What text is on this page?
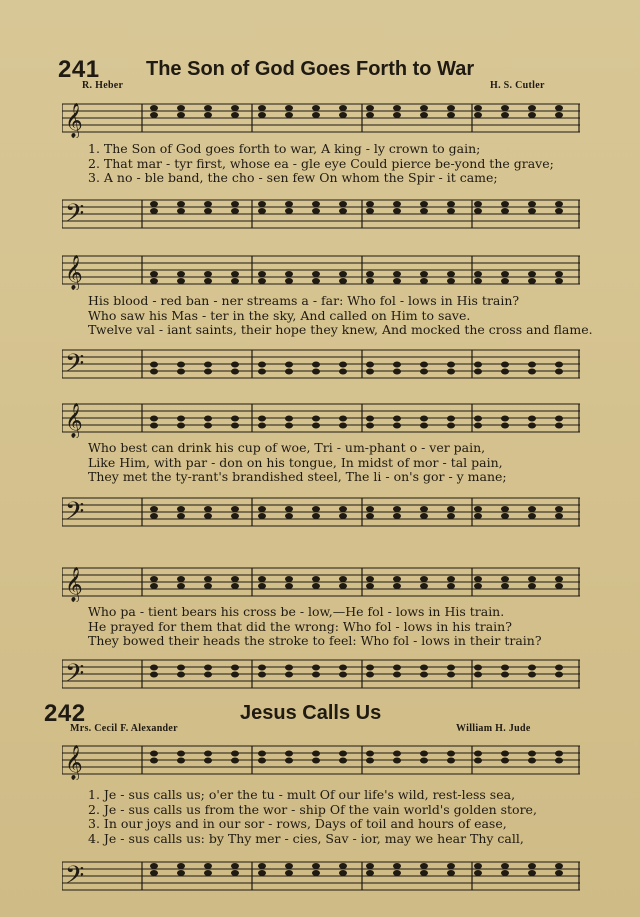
241 The Son of God Goes Forth to War
R. Heber	H. S. Cutler
𝄞
1. The Son of God goes forth to war, A king - ly crown to gain;
2. That mar - tyr first, whose ea - gle eye Could pierce be-yond the grave;
3. A no - ble band, the cho - sen few On whom the Spir - it came;
𝄢
𝄞
His blood - red ban - ner streams a - far: Who fol - lows in His train?
Who saw his Mas - ter in the sky, And called on Him to save.
Twelve val - iant saints, their hope they knew, And mocked the cross and flame.
𝄢
𝄞
Who best can drink his cup of woe, Tri - um-phant o - ver pain,
Like Him, with par - don on his tongue, In midst of mor - tal pain,
They met the ty-rant's brandished steel, The li - on's gor - y mane;
𝄢
𝄞
Who pa - tient bears his cross be - low,—He fol - lows in His train.
He prayed for them that did the wrong: Who fol - lows in his train?
They bowed their heads the stroke to feel: Who fol - lows in their train?
𝄢
242	Jesus Calls Us
Mrs. Cecil F. Alexander	William H. Jude
𝄞
1. Je - sus calls us; o'er the tu - mult Of our life's wild, rest-less sea,
2. Je - sus calls us from the wor - ship Of the vain world's golden store,
3. In our joys and in our sor - rows, Days of toil and hours of ease,
4. Je - sus calls us: by Thy mer - cies, Sav - ior, may we hear Thy call,
𝄢
